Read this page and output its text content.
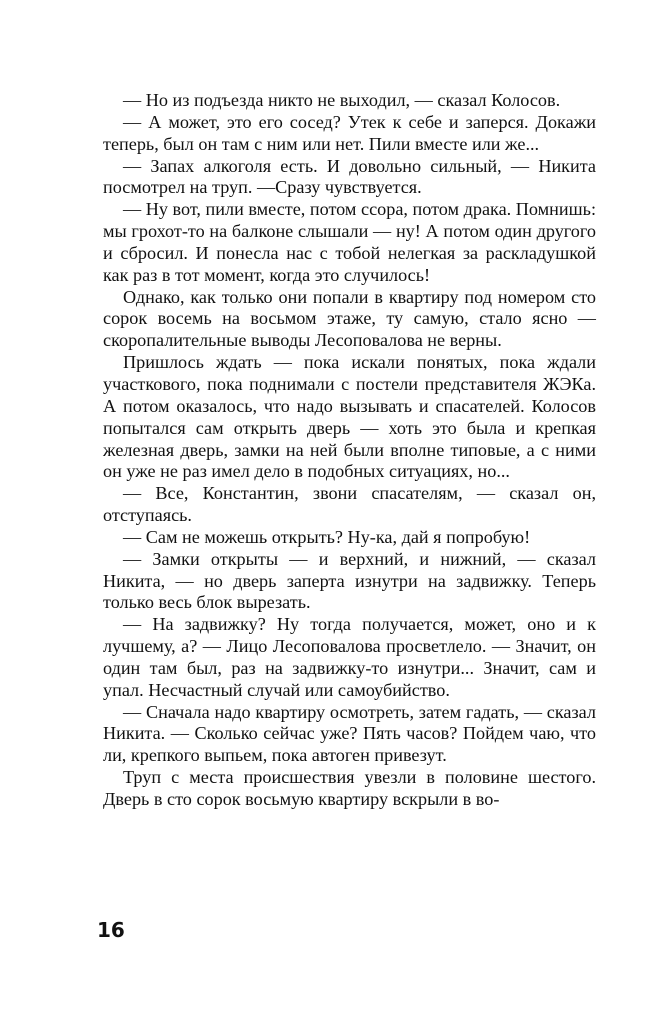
— Но из подъезда никто не выходил, — сказал Колосов.

— А может, это его сосед? Утек к себе и заперся. Докажи теперь, был он там с ним или нет. Пили вместе или же...

— Запах алкоголя есть. И довольно сильный, — Никита посмотрел на труп. —Сразу чувствуется.

— Ну вот, пили вместе, потом ссора, потом драка. Помнишь: мы грохот-то на балконе слышали — ну! А потом один другого и сбросил. И понесла нас с тобой нелегкая за раскладушкой как раз в тот момент, когда это случилось!

Однако, как только они попали в квартиру под номером сто сорок восемь на восьмом этаже, ту самую, стало ясно — скоропалительные выводы Лесоповалова не верны.

Пришлось ждать — пока искали понятых, пока ждали участкового, пока поднимали с постели представителя ЖЭКа. А потом оказалось, что надо вызывать и спасателей. Колосов попытался сам открыть дверь — хоть это была и крепкая железная дверь, замки на ней были вполне типовые, а с ними он уже не раз имел дело в подобных ситуациях, но...

— Все, Константин, звони спасателям, — сказал он, отступаясь.

— Сам не можешь открыть? Ну-ка, дай я попробую!

— Замки открыты — и верхний, и нижний, — сказал Никита, — но дверь заперта изнутри на задвижку. Теперь только весь блок вырезать.

— На задвижку? Ну тогда получается, может, оно и к лучшему, а? — Лицо Лесоповалова просветлело. — Значит, он один там был, раз на задвижку-то изнутри... Значит, сам и упал. Несчастный случай или самоубийство.

— Сначала надо квартиру осмотреть, затем гадать, — сказал Никита. — Сколько сейчас уже? Пять часов? Пойдем чаю, что ли, крепкого выпьем, пока автоген привезут.

Труп с места происшествия увезли в половине шестого. Дверь в сто сорок восьмую квартиру вскрыли в во-

16
